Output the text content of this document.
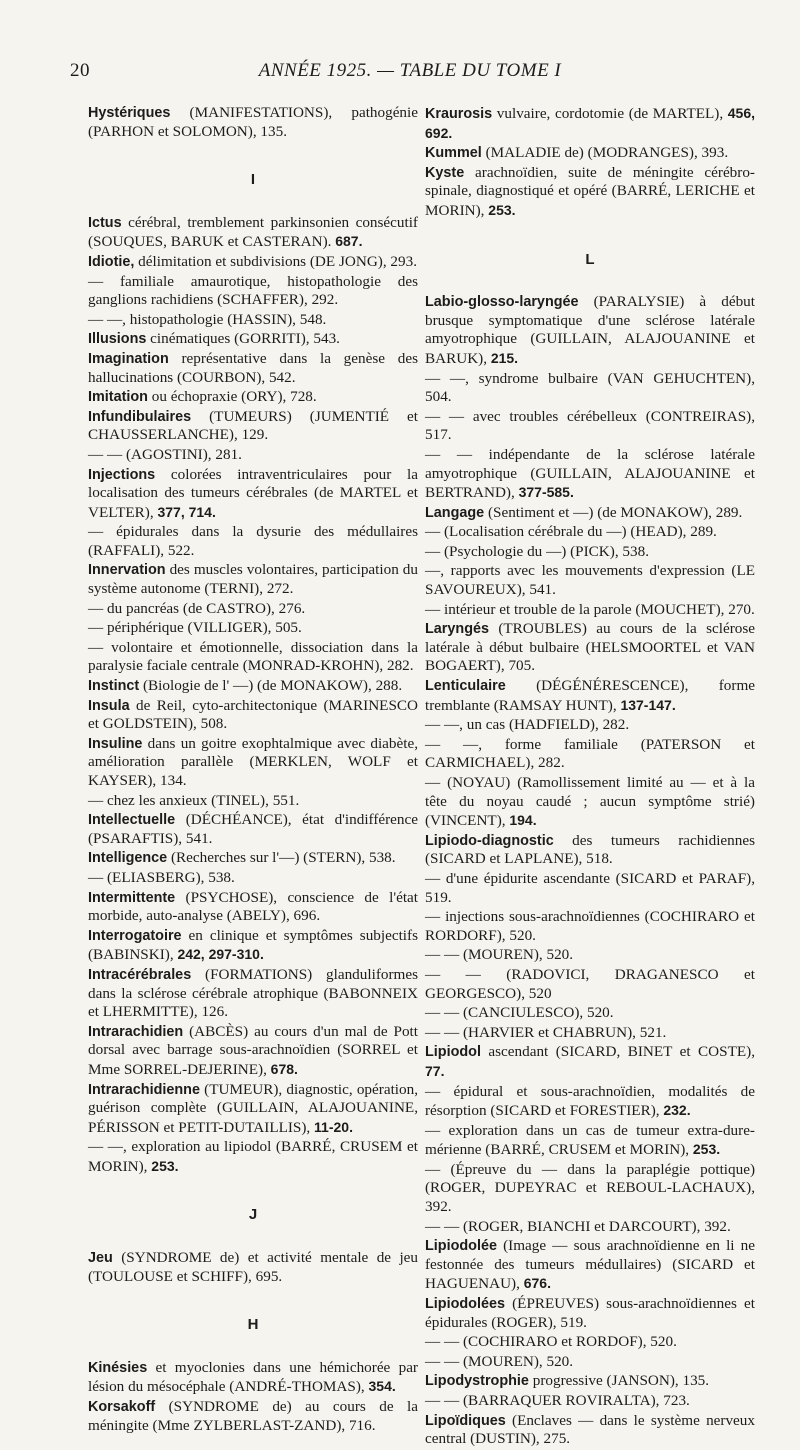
20	ANNÉE 1925. — TABLE DU TOME I

Hystériques (MANIFESTATIONS), pathogénie (PARHON et SOLOMON), 135.

I

Ictus cérébral, tremblement parkinsonien consécutif (SOUQUES, BARUK et CASTERAN). 687.

Idiotie, délimitation et subdivisions (DE JONG), 293.

— familiale amaurotique, histopathologie des ganglions rachidiens (SCHAFFER), 292.

— —, histopathologie (HASSIN), 548.

Illusions cinématiques (GORRITI), 543.

Imagination représentative dans la genèse des hallucinations (COURBON), 542.

Imitation ou échopraxie (ORY), 728.

Infundibulaires (TUMEURS) (JUMENTIÉ et CHAUSSERLANCHE), 129.

— — (AGOSTINI), 281.

Injections colorées intraventriculaires pour la localisation des tumeurs cérébrales (de MARTEL et VELTER), 377, 714.

— épidurales dans la dysurie des médullaires (RAFFALI), 522.

Innervation des muscles volontaires, participation du système autonome (TERNI), 272.

— du pancréas (de CASTRO), 276.

— périphérique (VILLIGER), 505.

— volontaire et émotionnelle, dissociation dans la paralysie faciale centrale (MONRAD-KROHN), 282.

Instinct (Biologie de l' —) (de MONAKOW), 288.

Insula de Reil, cyto-architectonique (MARINESCO et GOLDSTEIN), 508.

Insuline dans un goitre exophtalmique avec diabète, amélioration parallèle (MERKLEN, WOLF et KAYSER), 134.

— chez les anxieux (TINEL), 551.

Intellectuelle (DÉCHÉANCE), état d'indifférence (PSARAFTIS), 541.

Intelligence (Recherches sur l'—) (STERN), 538.

— (ELIASBERG), 538.

Intermittente (PSYCHOSE), conscience de l'état morbide, auto-analyse (ABELY), 696.

Interrogatoire en clinique et symptômes subjectifs (BABINSKI), 242, 297-310.

Intracérébrales (FORMATIONS) glanduliformes dans la sclérose cérébrale atrophique (BABONNEIX et LHERMITTE), 126.

Intrarachidien (ABCÈS) au cours d'un mal de Pott dorsal avec barrage sous-arachnoïdien (SORREL et Mme SORREL-DEJERINE), 678.

Intrarachidienne (TUMEUR), diagnostic, opération, guérison complète (GUILLAIN, ALAJOUANINE, PÉRISSON et PETIT-DUTAILLIS), 11-20.

— —, exploration au lipiodol (BARRÉ, CRUSEM et MORIN), 253.

J

Jeu (SYNDROME de) et activité mentale de jeu (TOULOUSE et SCHIFF), 695.

H

Kinésies et myoclonies dans une hémichorée par lésion du mésocéphale (ANDRÉ-THOMAS), 354.

Korsakoff (SYNDROME de) au cours de la méningite (Mme ZYLBERLAST-ZAND), 716.

Kraurosis vulvaire, cordotomie (de MARTEL), 456, 692.

Kummel (MALADIE de) (MODRANGES), 393.

Kyste arachnoïdien, suite de méningite cérébro-spinale, diagnostiqué et opéré (BARRÉ, LERICHE et MORIN), 253.

L

Labio-glosso-laryngée (PARALYSIE) à début brusque symptomatique d'une sclérose latérale amyotrophique (GUILLAIN, ALAJOUANINE et BARUK), 215.

— —, syndrome bulbaire (VAN GEHUCHTEN), 504.

— — avec troubles cérébelleux (CONTREIRAS), 517.

— — indépendante de la sclérose latérale amyotrophique (GUILLAIN, ALAJOUANINE et BERTRAND), 377-585.

Langage (Sentiment et —) (de MONAKOW), 289.

— (Localisation cérébrale du —) (HEAD), 289.

— (Psychologie du —) (PICK), 538.

—, rapports avec les mouvements d'expression (LE SAVOUREUX), 541.

— intérieur et trouble de la parole (MOUCHET), 270.

Laryngés (TROUBLES) au cours de la sclérose latérale à début bulbaire (HELSMOORTEL et VAN BOGAERT), 705.

Lenticulaire (DÉGÉNÉRESCENCE), forme tremblante (RAMSAY HUNT), 137-147.

— —, un cas (HADFIELD), 282.

— —, forme familiale (PATERSON et CARMICHAEL), 282.

— (NOYAU) (Ramollissement limité au — et à la tête du noyau caudé ; aucun symptôme strié) (VINCENT), 194.

Lipiodo-diagnostic des tumeurs rachidiennes (SICARD et LAPLANE), 518.

— d'une épidurite ascendante (SICARD et PARAF), 519.

— injections sous-arachnoïdiennes (COCHIRARO et RORDORF), 520.

— — (MOUREN), 520.

— — (RADOVICI, DRAGANESCO et GEORGESCO), 520

— — (CANCIULESCO), 520.

— — (HARVIER et CHABRUN), 521.

Lipiodol ascendant (SICARD, BINET et COSTE), 77.

— épidural et sous-arachnoïdien, modalités de résorption (SICARD et FORESTIER), 232.

— exploration dans un cas de tumeur extra-dure-mérienne (BARRÉ, CRUSEM et MORIN), 253.

— (Épreuve du — dans la paraplégie pottique) (ROGER, DUPEYRAC et REBOUL-LACHAUX), 392.

— — (ROGER, BIANCHI et DARCOURT), 392.

Lipiodolée (Image — sous arachnoïdienne en li ne festonnée des tumeurs médullaires) (SICARD et HAGUENAU), 676.

Lipiodolées (ÉPREUVES) sous-arachnoïdiennes et épidurales (ROGER), 519.

— — (COCHIRARO et RORDOF), 520.

— — (MOUREN), 520.

Lipodystrophie progressive (JANSON), 135.

— — (BARRAQUER ROVIRALTA), 723.

Lipoïdiques (Enclaves — dans le système nerveux central (DUSTIN), 275.
